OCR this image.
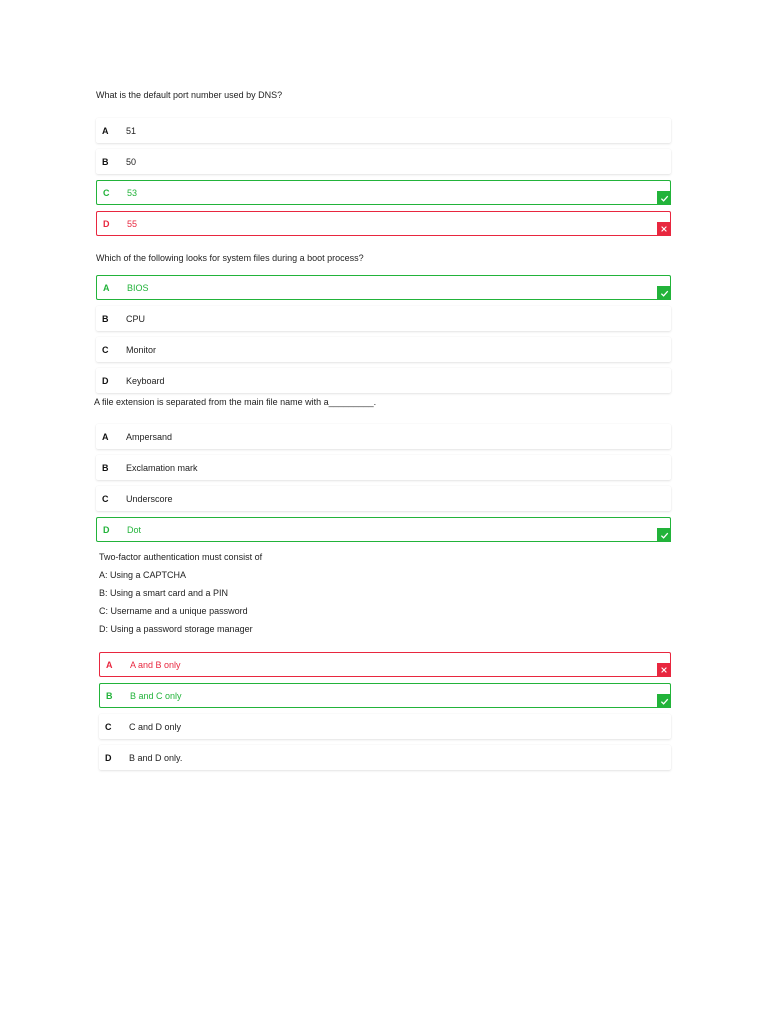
What is the default port number used by DNS?

A	51
B	50
C	53
D	55

Which of the following looks for system files during a boot process?

A	BIOS
B	CPU
C	Monitor
D	Keyboard

A file extension is separated from the main file name with a_________.

A	Ampersand
B	Exclamation mark
C	Underscore
D	Dot

Two-factor authentication must consist of

A: Using a CAPTCHA

B: Using a smart card and a PIN

C: Username and a unique password

D: Using a password storage manager

A	A and B only
B	B and C only
C	C and D only
D	B and D only.
